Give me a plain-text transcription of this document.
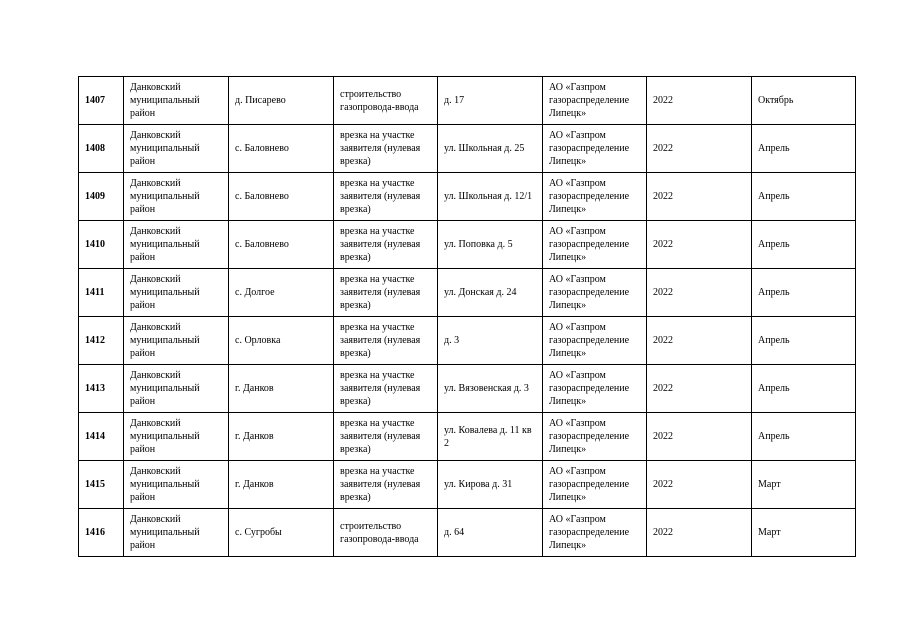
1407	Данковский муниципальный район	д. Писарево	строительство газопровода-ввода	д. 17	АО «Газпром газораспределение Липецк»	2022	Октябрь
1408	Данковский муниципальный район	с. Баловнево	врезка на участке заявителя (нулевая врезка)	ул. Школьная д. 25	АО «Газпром газораспределение Липецк»	2022	Апрель
1409	Данковский муниципальный район	с. Баловнево	врезка на участке заявителя (нулевая врезка)	ул. Школьная д. 12/1	АО «Газпром газораспределение Липецк»	2022	Апрель
1410	Данковский муниципальный район	с. Баловнево	врезка на участке заявителя (нулевая врезка)	ул. Поповка д. 5	АО «Газпром газораспределение Липецк»	2022	Апрель
1411	Данковский муниципальный район	с. Долгое	врезка на участке заявителя (нулевая врезка)	ул. Донская д. 24	АО «Газпром газораспределение Липецк»	2022	Апрель
1412	Данковский муниципальный район	с. Орловка	врезка на участке заявителя (нулевая врезка)	д. 3	АО «Газпром газораспределение Липецк»	2022	Апрель
1413	Данковский муниципальный район	г. Данков	врезка на участке заявителя (нулевая врезка)	ул. Вязовенская д. 3	АО «Газпром газораспределение Липецк»	2022	Апрель
1414	Данковский муниципальный район	г. Данков	врезка на участке заявителя (нулевая врезка)	ул. Ковалева д. 11 кв 2	АО «Газпром газораспределение Липецк»	2022	Апрель
1415	Данковский муниципальный район	г. Данков	врезка на участке заявителя (нулевая врезка)	ул. Кирова д. 31	АО «Газпром газораспределение Липецк»	2022	Март
1416	Данковский муниципальный район	с. Сугробы	строительство газопровода-ввода	д. 64	АО «Газпром газораспределение Липецк»	2022	Март
